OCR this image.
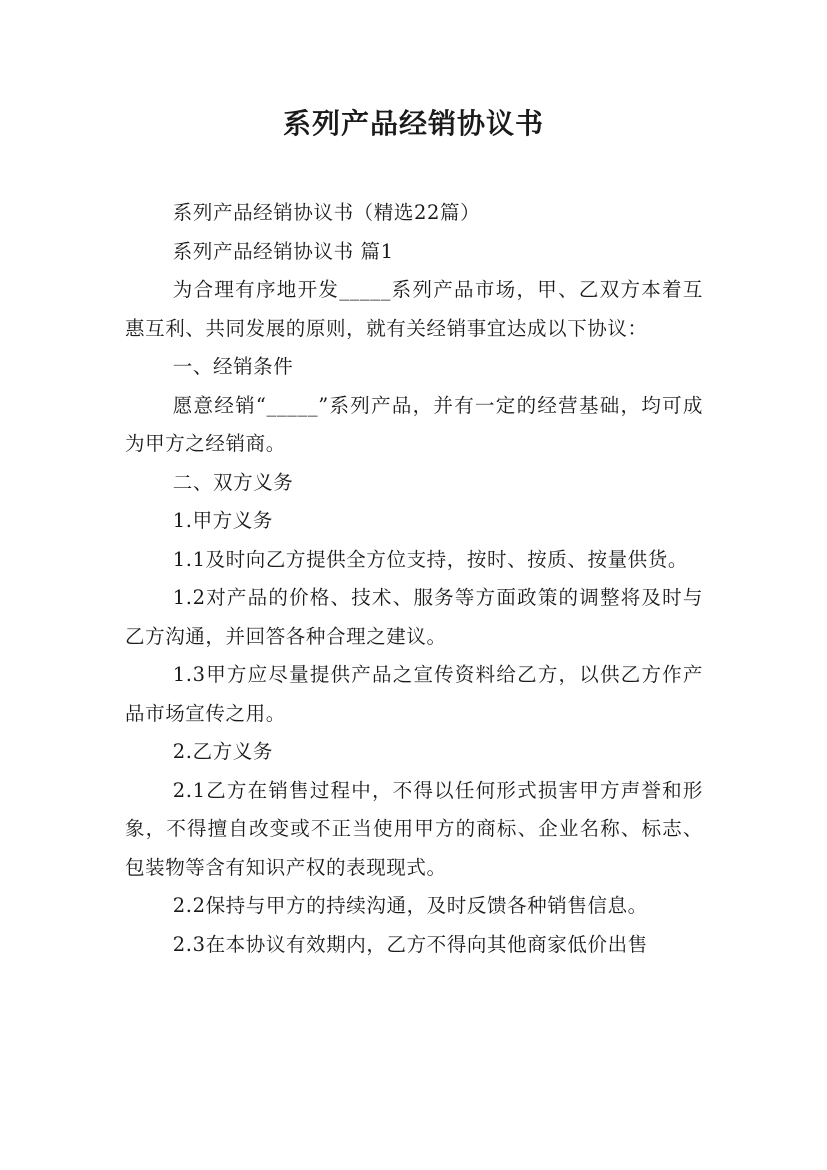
系列产品经销协议书

系列产品经销协议书（精选22篇）

系列产品经销协议书 篇1

为合理有序地开发_____系列产品市场，甲、乙双方本着互惠互利、共同发展的原则，就有关经销事宜达成以下协议：

一、经销条件

愿意经销“_____”系列产品，并有一定的经营基础，均可成为甲方之经销商。

二、双方义务

1.甲方义务

1.1及时向乙方提供全方位支持，按时、按质、按量供货。

1.2对产品的价格、技术、服务等方面政策的调整将及时与乙方沟通，并回答各种合理之建议。

1.3甲方应尽量提供产品之宣传资料给乙方，以供乙方作产品市场宣传之用。

2.乙方义务

2.1乙方在销售过程中，不得以任何形式损害甲方声誉和形象，不得擅自改变或不正当使用甲方的商标、企业名称、标志、包装物等含有知识产权的表现现式。

2.2保持与甲方的持续沟通，及时反馈各种销售信息。

2.3在本协议有效期内，乙方不得向其他商家低价出售
